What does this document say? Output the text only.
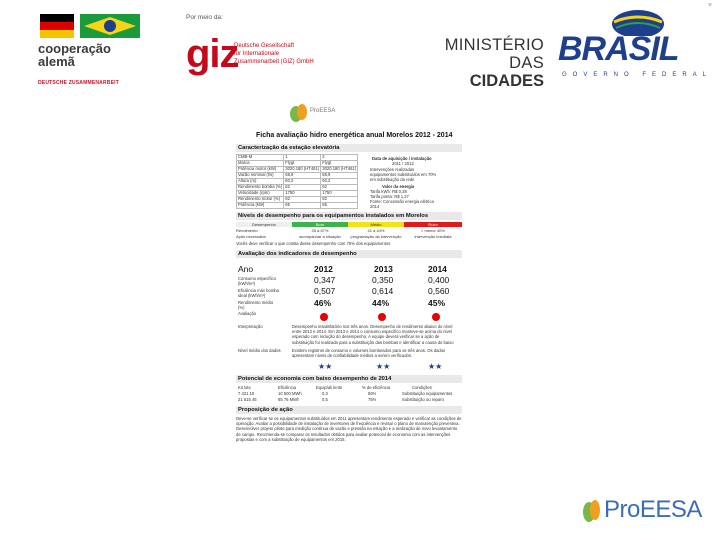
×
cooperação
alemã
DEUTSCHE ZUSAMMENARBEIT
Por meio da:
giz
Deutsche Gesellschaft
für Internationale
Zusammenarbeit (GIZ) GmbH
MINISTÉRIO DAS
CIDADES
BRASIL
GOVERNO FEDERAL
ProEESA
Ficha avaliação hidro energética anual Morelos 2012 - 2014
Caracterização da estação elevatória
CMB-M	1	2
Marca	Flygt	Flygt
Potência motor (kW)	3020.180 (HT461)	3020.180 (HT461)
Vazão nominal (l/s)	68,9	68,9
Altura (m)	60,2	60,2
Rendimento bomba (%)	62	62
Velocidade (rpm)	1750	1750
Rendimento motor (%)	92	92
Potência (kW)	65	65
Data de aquisição / instalação
2011 / 2012
Intervenções realizadas
equipamentos substituídos em 70%
em substituição da rede
Valor da energia
Tarifa kWh: R$ 0,38
Tarifa ponta: R$ 1,27
Fonte: Concessão energia elétrica
2014
Níveis de desempenho para os equipamentos instalados em Morelos
Desempenho	Bom	Médio	Ruim
Rendimento	45 a 67%	41 a 44%	< menor 40%
Ação necessária	acompanhar a situação	programação da intervenção	intervenção imediata
Vocês deve verificar o que consta desse desempenho com 75% dos equipamentos
Avaliação dos indicadores de desempenho
Ano	2012	2013	2014
Consumo específico
(kWh/m³)	0,347	0,350	0,400
Eficiência máx bomba
ideal (kWh/m³)	0,507	0,614	0,560
Rendimento médio
(%)	46%	44%	45%
Avaliação
Interpretação	Desempenho insatisfatório nos três anos. Desempenho de rendimento abaixo do nível entre 2012 e 2014. Em 2013 e 2014 o consumo específico manteve-se acima do nível esperado com redução do desempenho. A equipe deverá verificar se a ação de substituição foi realizada para a substituição das bombas e identificar a causa do baixo
Nível médio dos dados	Existem registros de consumo e volumes bombeados para os três anos. Os dados apresentam níveis de confiabilidade médios a serem verificados.
★★	★★	★★
Potencial de economia com baixo desempenho de 2014
Kit lote	Eficiência	Equip/ali lente	% de eficiência	Condições
7 421 15	10 500 MWh	0,3	56%	Substituição equipamentos
21 515 45	65 75 MWh	0,5	75%	Substituição ou reparo
Proposição de ação
Deve-se verificar se os equipamentos substituídos em 2011 apresentam rendimento esperado e verificar as condições de operação. Avaliar a possibilidade de instalação de inversores de frequência e revisar o plano de manutenção preventiva. Desenvolver projeto piloto para medição contínua de vazão e pressão na estação e a realização de novo levantamento de campo. Recomenda-se comparar os resultados obtidos para avaliar potencial de economia com as intervenções propostas e com a substituição de equipamentos em 2015.
ProEESA
